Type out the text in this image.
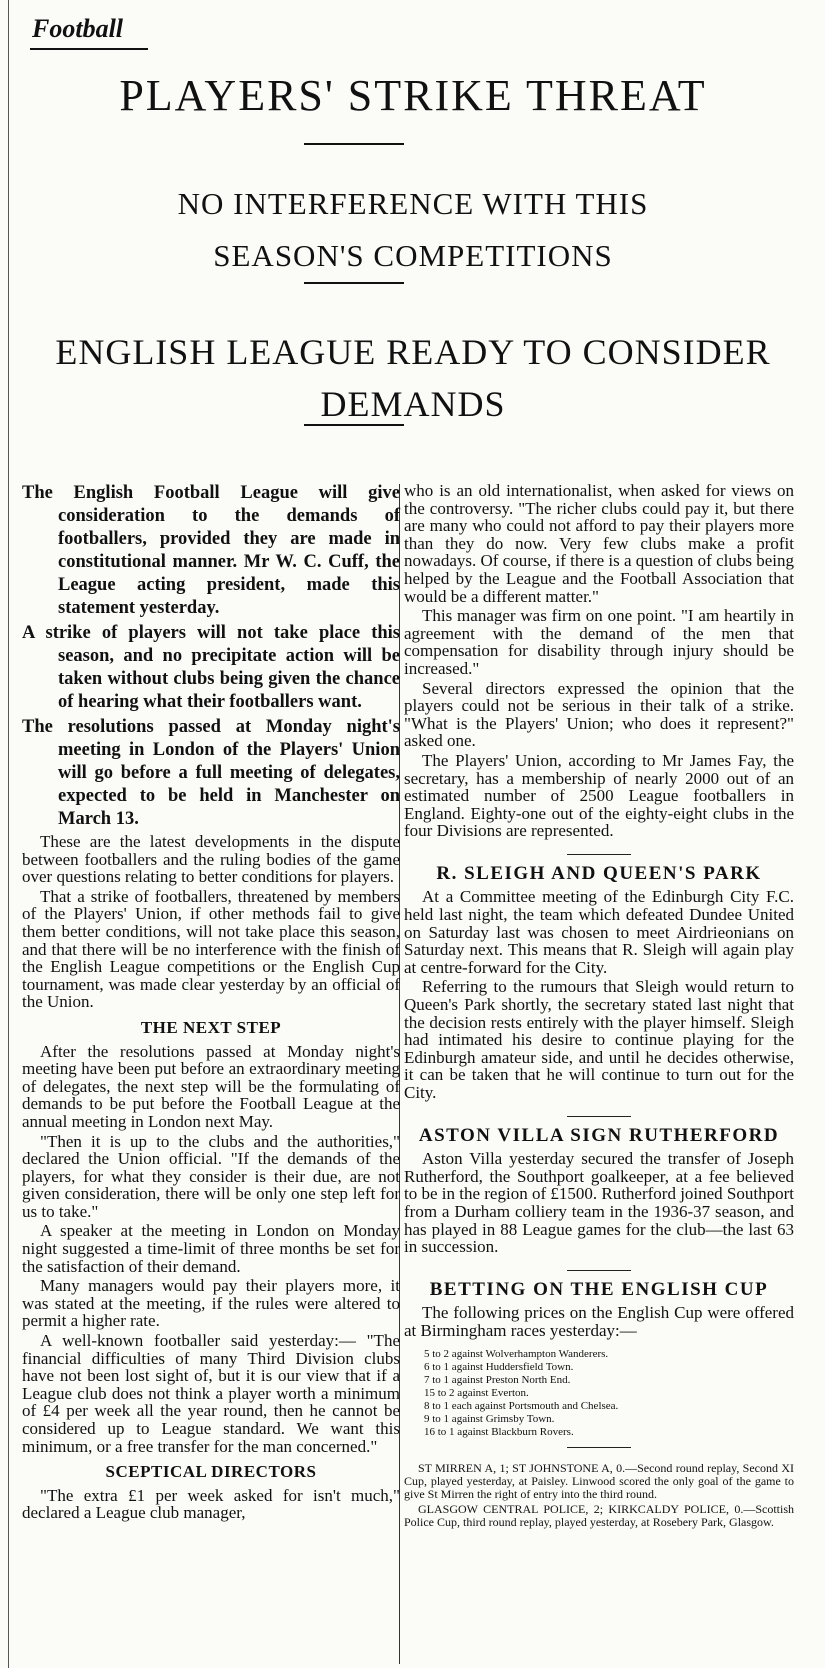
Football
PLAYERS' STRIKE THREAT
NO INTERFERENCE WITH THIS
SEASON'S COMPETITIONS
ENGLISH LEAGUE READY TO CONSIDER
DEMANDS

The English Football League will give consideration to the demands of footballers, provided they are made in constitutional manner. Mr W. C. Cuff, the League acting president, made this statement yesterday.

A strike of players will not take place this season, and no precipitate action will be taken without clubs being given the chance of hearing what their footballers want.

The resolutions passed at Monday night's meeting in London of the Players' Union will go before a full meeting of delegates, expected to be held in Manchester on March 13.

These are the latest developments in the dispute between footballers and the ruling bodies of the game over questions relating to better conditions for players.

That a strike of footballers, threatened by members of the Players' Union, if other methods fail to give them better conditions, will not take place this season, and that there will be no interference with the finish of the English League competitions or the English Cup tournament, was made clear yesterday by an official of the Union.

THE NEXT STEP

After the resolutions passed at Monday night's meeting have been put before an extraordinary meeting of delegates, the next step will be the formulating of demands to be put before the Football League at the annual meeting in London next May.

"Then it is up to the clubs and the authorities," declared the Union official. "If the demands of the players, for what they consider is their due, are not given consideration, there will be only one step left for us to take."

A speaker at the meeting in London on Monday night suggested a time-limit of three months be set for the satisfaction of their demand.

Many managers would pay their players more, it was stated at the meeting, if the rules were altered to permit a higher rate.

A well-known footballer said yesterday:— "The financial difficulties of many Third Division clubs have not been lost sight of, but it is our view that if a League club does not think a player worth a minimum of £4 per week all the year round, then he cannot be considered up to League standard. We want this minimum, or a free transfer for the man concerned."

SCEPTICAL DIRECTORS

"The extra £1 per week asked for isn't much," declared a League club manager,

who is an old internationalist, when asked for views on the controversy. "The richer clubs could pay it, but there are many who could not afford to pay their players more than they do now. Very few clubs make a profit nowadays. Of course, if there is a question of clubs being helped by the League and the Football Association that would be a different matter."

This manager was firm on one point. "I am heartily in agreement with the demand of the men that compensation for disability through injury should be increased."

Several directors expressed the opinion that the players could not be serious in their talk of a strike. "What is the Players' Union; who does it represent?" asked one.

The Players' Union, according to Mr James Fay, the secretary, has a membership of nearly 2000 out of an estimated number of 2500 League footballers in England. Eighty-one out of the eighty-eight clubs in the four Divisions are represented.

R. SLEIGH AND QUEEN'S PARK

At a Committee meeting of the Edinburgh City F.C. held last night, the team which defeated Dundee United on Saturday last was chosen to meet Airdrieonians on Saturday next. This means that R. Sleigh will again play at centre-forward for the City.

Referring to the rumours that Sleigh would return to Queen's Park shortly, the secretary stated last night that the decision rests entirely with the player himself. Sleigh had intimated his desire to continue playing for the Edinburgh amateur side, and until he decides otherwise, it can be taken that he will continue to turn out for the City.

ASTON VILLA SIGN RUTHERFORD

Aston Villa yesterday secured the transfer of Joseph Rutherford, the Southport goalkeeper, at a fee believed to be in the region of £1500. Rutherford joined Southport from a Durham colliery team in the 1936-37 season, and has played in 88 League games for the club—the last 63 in succession.

BETTING ON THE ENGLISH CUP

The following prices on the English Cup were offered at Birmingham races yesterday:—

5 to 2 against Wolverhampton Wanderers.
6 to 1 against Huddersfield Town.
7 to 1 against Preston North End.
15 to 2 against Everton.
8 to 1 each against Portsmouth and Chelsea.
9 to 1 against Grimsby Town.
16 to 1 against Blackburn Rovers.

ST MIRREN A, 1; ST JOHNSTONE A, 0.—Second round replay, Second XI Cup, played yesterday, at Paisley. Linwood scored the only goal of the game to give St Mirren the right of entry into the third round.

GLASGOW CENTRAL POLICE, 2; KIRKCALDY POLICE, 0.—Scottish Police Cup, third round replay, played yesterday, at Rosebery Park, Glasgow.
